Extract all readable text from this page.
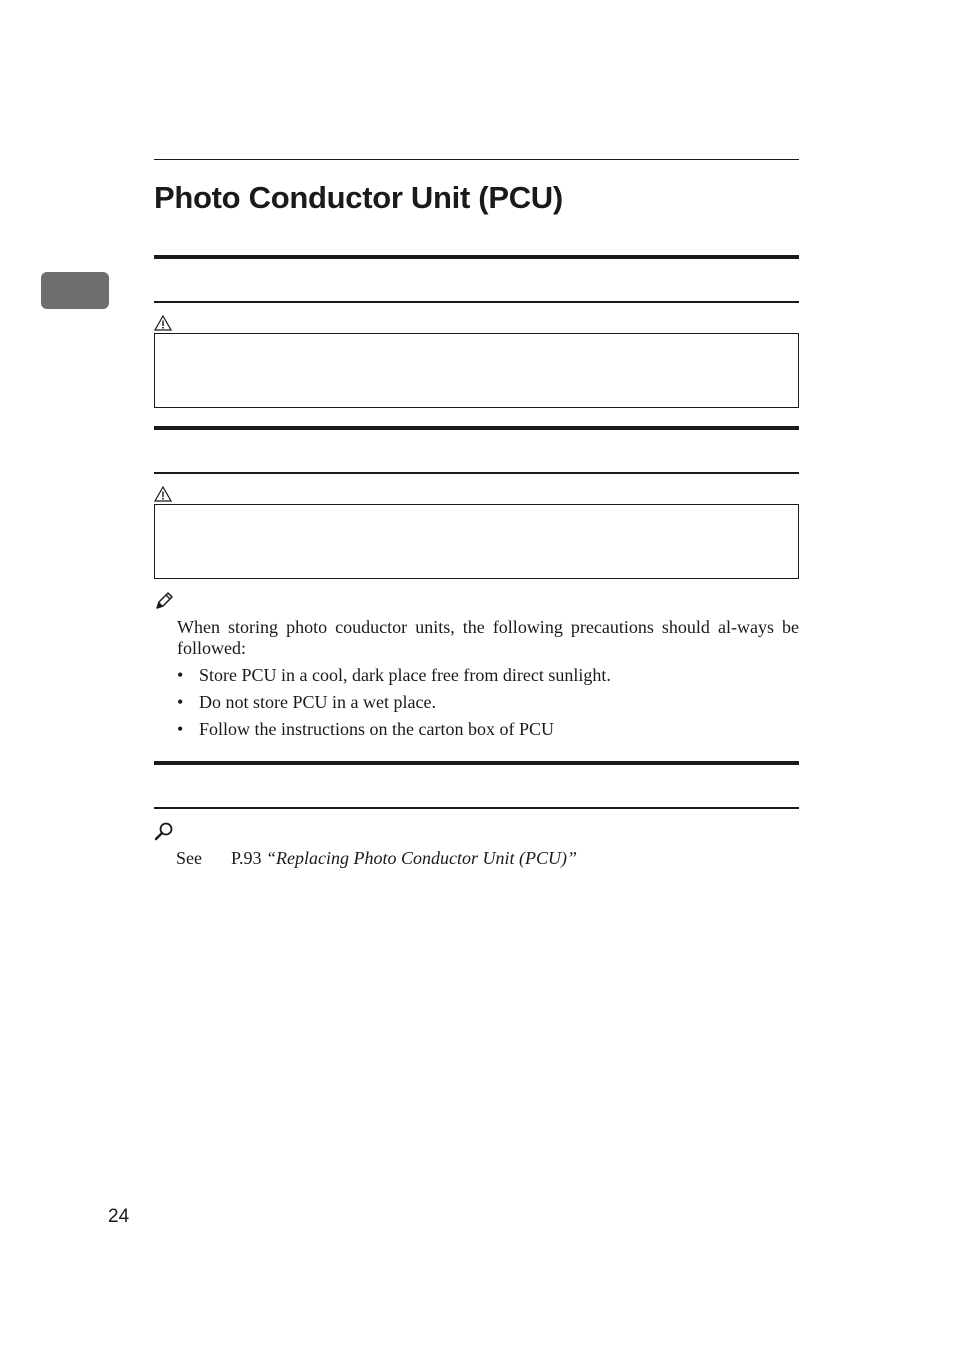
Photo Conductor Unit (PCU)
When storing photo couductor units, the following precautions should al-ways be followed:
• Store PCU in a cool, dark place free from direct sunlight.
• Do not store PCU in a wet place.
• Follow the instructions on the carton box of PCU
See P.93 “Replacing Photo Conductor Unit (PCU)”
24
